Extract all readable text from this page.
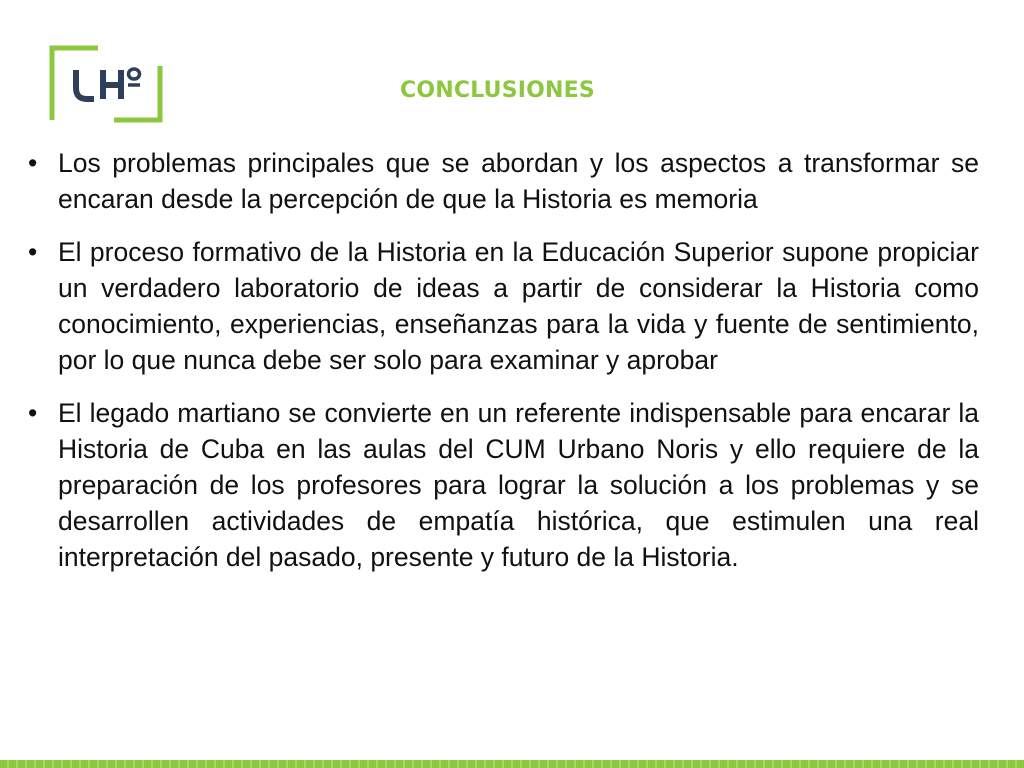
CONCLUSIONES
• Los problemas principales que se abordan y los aspectos a transformar se encaran desde la percepción de que la Historia es memoria
• El proceso formativo de la Historia en la Educación Superior supone propiciar un verdadero laboratorio de ideas a partir de considerar la Historia como conocimiento, experiencias, enseñanzas para la vida y fuente de sentimiento, por lo que nunca debe ser solo para examinar y aprobar
• El legado martiano se convierte en un referente indispensable para encarar la Historia de Cuba en las aulas del CUM Urbano Noris y ello requiere de la preparación de los profesores para lograr la solución a los problemas y se desarrollen actividades de empatía histórica, que estimulen una real interpretación del pasado, presente y futuro de la Historia.
